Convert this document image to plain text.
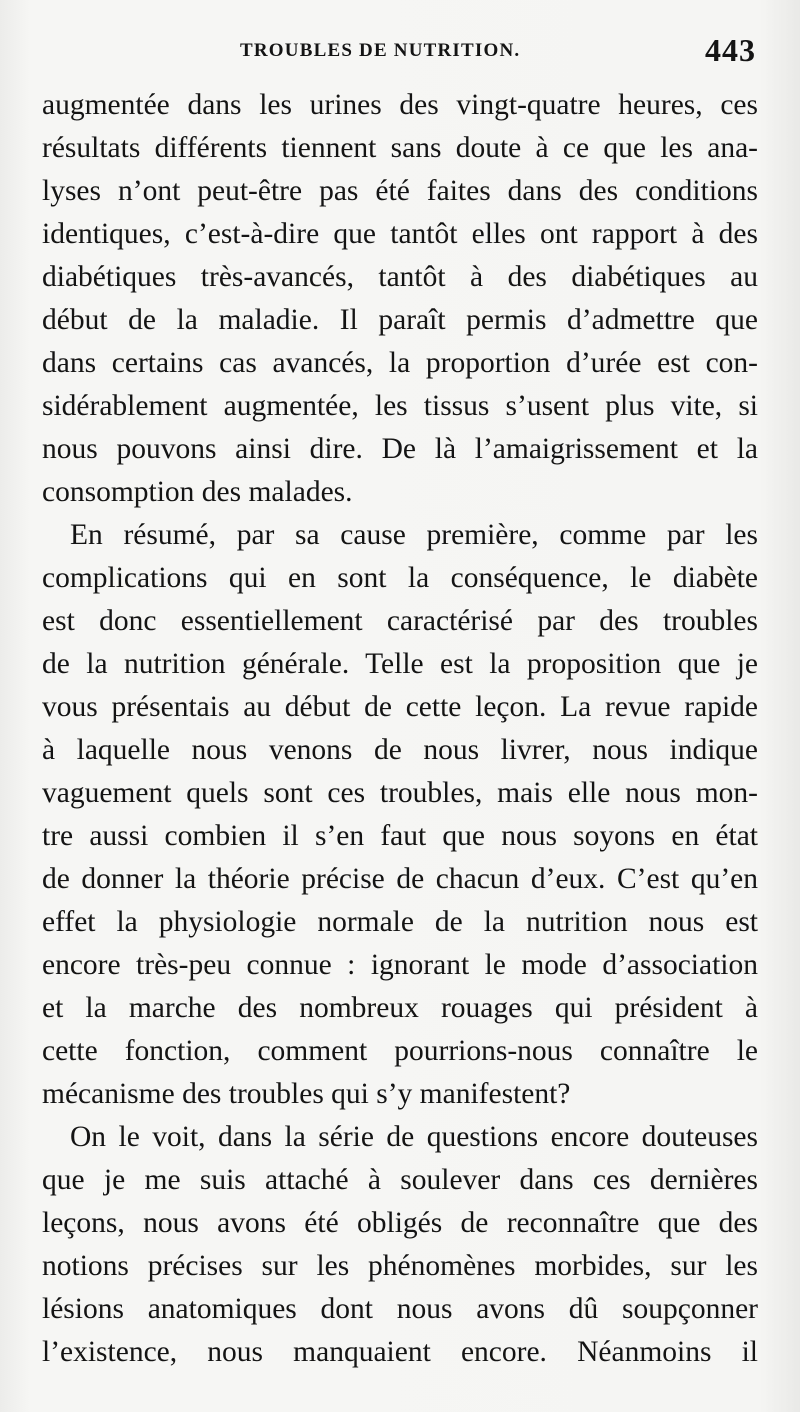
TROUBLES DE NUTRITION.	443
augmentée dans les urines des vingt-quatre heures, ces
résultats différents tiennent sans doute à ce que les ana-
lyses n’ont peut-être pas été faites dans des conditions
identiques, c’est-à-dire que tantôt elles ont rapport à des
diabétiques très-avancés, tantôt à des diabétiques au
début de la maladie. Il paraît permis d’admettre que
dans certains cas avancés, la proportion d’urée est con-
sidérablement augmentée, les tissus s’usent plus vite, si
nous pouvons ainsi dire. De là l’amaigrissement et la
consomption des malades.
En résumé, par sa cause première, comme par les
complications qui en sont la conséquence, le diabète
est donc essentiellement caractérisé par des troubles
de la nutrition générale. Telle est la proposition que je
vous présentais au début de cette leçon. La revue rapide
à laquelle nous venons de nous livrer, nous indique
vaguement quels sont ces troubles, mais elle nous mon-
tre aussi combien il s’en faut que nous soyons en état
de donner la théorie précise de chacun d’eux. C’est qu’en
effet la physiologie normale de la nutrition nous est
encore très-peu connue : ignorant le mode d’association
et la marche des nombreux rouages qui président à
cette fonction, comment pourrions-nous connaître le
mécanisme des troubles qui s’y manifestent?
On le voit, dans la série de questions encore douteuses
que je me suis attaché à soulever dans ces dernières
leçons, nous avons été obligés de reconnaître que des
notions précises sur les phénomènes morbides, sur les
lésions anatomiques dont nous avons dû soupçonner
l’existence, nous manquaient encore. Néanmoins il
